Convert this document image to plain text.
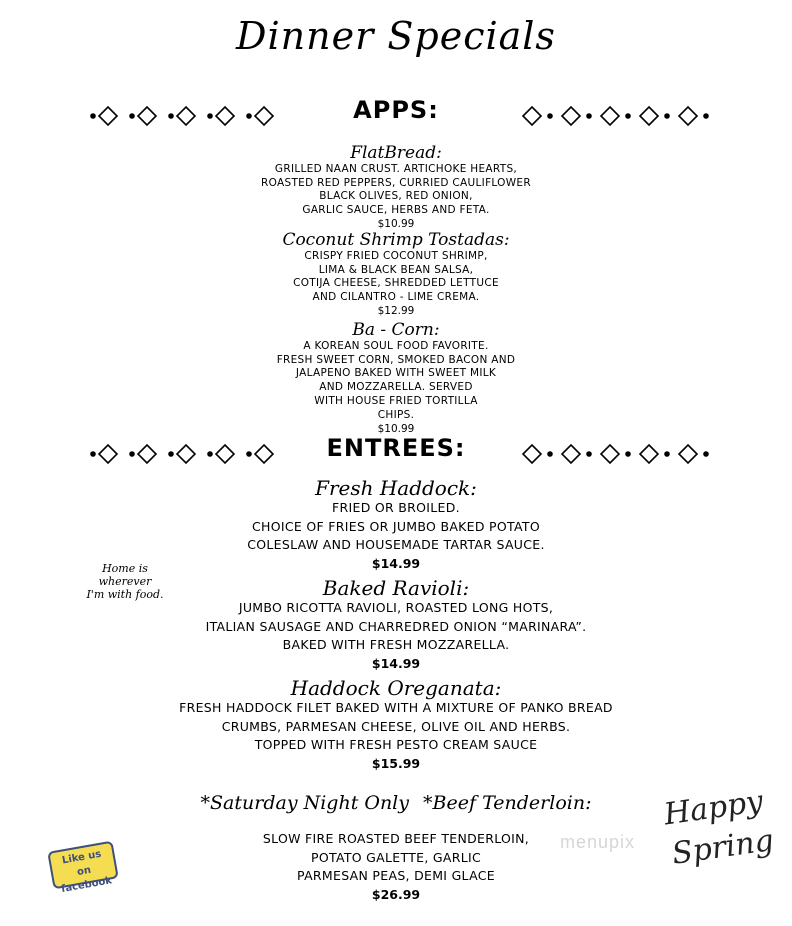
Dinner Specials
APPS:
FlatBread:
GRILLED NAAN CRUST. ARTICHOKE HEARTS,
ROASTED RED PEPPERS, CURRIED CAULIFLOWER
BLACK OLIVES, RED ONION,
GARLIC SAUCE, HERBS AND FETA.
$10.99
Coconut Shrimp Tostadas:
CRISPY FRIED COCONUT SHRIMP,
LIMA & BLACK BEAN SALSA,
COTIJA CHEESE, SHREDDED LETTUCE
AND CILANTRO - LIME CREMA.
$12.99
Ba - Corn:
A KOREAN SOUL FOOD FAVORITE.
FRESH SWEET CORN, SMOKED BACON AND
JALAPENO BAKED WITH SWEET MILK
AND MOZZARELLA. SERVED
WITH HOUSE FRIED TORTILLA
CHIPS.
$10.99
ENTREES:
Fresh Haddock:
FRIED OR BROILED.
CHOICE OF FRIES OR JUMBO BAKED POTATO
COLESLAW AND HOUSEMADE TARTAR SAUCE.
$14.99
Baked Ravioli:
JUMBO RICOTTA RAVIOLI, ROASTED LONG HOTS,
ITALIAN SAUSAGE AND CHARREDRED ONION “MARINARA”.
BAKED WITH FRESH MOZZARELLA.
$14.99
Haddock Oreganata:
FRESH HADDOCK FILET BAKED WITH A MIXTURE OF PANKO BREAD
CRUMBS, PARMESAN CHEESE, OLIVE OIL AND HERBS.
TOPPED WITH FRESH PESTO CREAM SAUCE
$15.99
*Saturday Night Only *Beef Tenderloin:
SLOW FIRE ROASTED BEEF TENDERLOIN,
POTATO GALETTE, GARLIC
PARMESAN PEAS, DEMI GLACE
$26.99
Home is
wherever
I'm with food.
Like us
on
facebook
menupix
Happy
Spring
